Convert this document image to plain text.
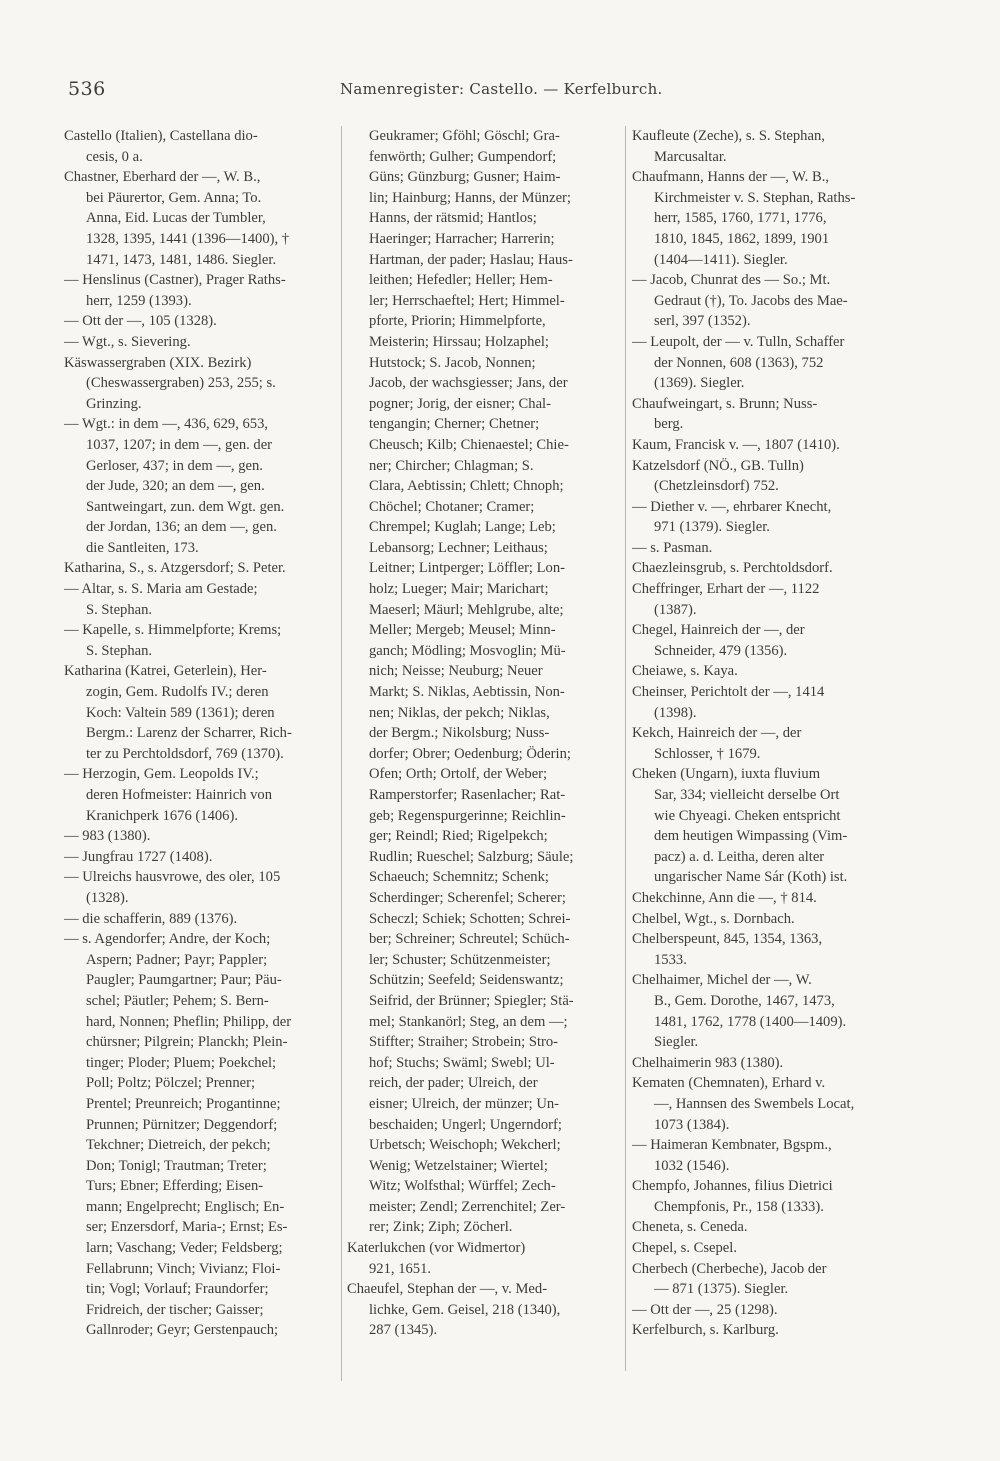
536	Namenregister: Castello. — Kerfelburch.
Castello (Italien), Castellana dio-
cesis, 0 a.
Chastner, Eberhard der —, W. B.,
bei Päurertor, Gem. Anna; To.
Anna, Eid. Lucas der Tumbler,
1328, 1395, 1441 (1396—1400), †
1471, 1473, 1481, 1486. Siegler.
— Henslinus (Castner), Prager Raths-
herr, 1259 (1393).
— Ott der —, 105 (1328).
— Wgt., s. Sievering.
Käswassergraben (XIX. Bezirk)
(Cheswassergraben) 253, 255; s.
Grinzing.
— Wgt.: in dem —, 436, 629, 653,
1037, 1207; in dem —, gen. der
Gerloser, 437; in dem —, gen.
der Jude, 320; an dem —, gen.
Santweingart, zun. dem Wgt. gen.
der Jordan, 136; an dem —, gen.
die Santleiten, 173.
Katharina, S., s. Atzgersdorf; S. Peter.
— Altar, s. S. Maria am Gestade;
S. Stephan.
— Kapelle, s. Himmelpforte; Krems;
S. Stephan.
Katharina (Katrei, Geterlein), Her-
zogin, Gem. Rudolfs IV.; deren
Koch: Valtein 589 (1361); deren
Bergm.: Larenz der Scharrer, Rich-
ter zu Perchtoldsdorf, 769 (1370).
— Herzogin, Gem. Leopolds IV.;
deren Hofmeister: Hainrich von
Kranichperk 1676 (1406).
— 983 (1380).
— Jungfrau 1727 (1408).
— Ulreichs hausvrowe, des oler, 105
(1328).
— die schafferin, 889 (1376).
— s. Agendorfer; Andre, der Koch;
Aspern; Padner; Payr; Pappler;
Paugler; Paumgartner; Paur; Päu-
schel; Päutler; Pehem; S. Bern-
hard, Nonnen; Pheflin; Philipp, der
chürsner; Pilgrein; Planckh; Plein-
tinger; Ploder; Pluem; Poekchel;
Poll; Poltz; Pölczel; Prenner;
Prentel; Preunreich; Progantinne;
Prunnen; Pürnitzer; Deggendorf;
Tekchner; Dietreich, der pekch;
Don; Tonigl; Trautman; Treter;
Turs; Ebner; Efferding; Eisen-
mann; Engelprecht; Englisch; En-
ser; Enzersdorf, Maria-; Ernst; Es-
larn; Vaschang; Veder; Feldsberg;
Fellabrunn; Vinch; Vivianz; Floi-
tin; Vogl; Vorlauf; Fraundorfer;
Fridreich, der tischer; Gaisser;
Gallnroder; Geyr; Gerstenpauch;
Geukramer; Gföhl; Göschl; Gra-
fenwörth; Gulher; Gumpendorf;
Güns; Günzburg; Gusner; Haim-
lin; Hainburg; Hanns, der Münzer;
Hanns, der rätsmid; Hantlos;
Haeringer; Harracher; Harrerin;
Hartman, der pader; Haslau; Haus-
leithen; Hefedler; Heller; Hem-
ler; Herrschaeftel; Hert; Himmel-
pforte, Priorin; Himmelpforte,
Meisterin; Hirssau; Holzaphel;
Hutstock; S. Jacob, Nonnen;
Jacob, der wachsgiesser; Jans, der
pogner; Jorig, der eisner; Chal-
tengangin; Cherner; Chetner;
Cheusch; Kilb; Chienaestel; Chie-
ner; Chircher; Chlagman; S.
Clara, Aebtissin; Chlett; Chnoph;
Chöchel; Chotaner; Cramer;
Chrempel; Kuglah; Lange; Leb;
Lebansorg; Lechner; Leithaus;
Leitner; Lintperger; Löffler; Lon-
holz; Lueger; Mair; Marichart;
Maeserl; Mäurl; Mehlgrube, alte;
Meller; Mergeb; Meusel; Minn-
ganch; Mödling; Mosvoglin; Mü-
nich; Neisse; Neuburg; Neuer
Markt; S. Niklas, Aebtissin, Non-
nen; Niklas, der pekch; Niklas,
der Bergm.; Nikolsburg; Nuss-
dorfer; Obrer; Oedenburg; Öderin;
Ofen; Orth; Ortolf, der Weber;
Ramperstorfer; Rasenlacher; Rat-
geb; Regenspurgerinne; Reichlin-
ger; Reindl; Ried; Rigelpekch;
Rudlin; Rueschel; Salzburg; Säule;
Schaeuch; Schemnitz; Schenk;
Scherdinger; Scherenfel; Scherer;
Scheczl; Schiek; Schotten; Schrei-
ber; Schreiner; Schreutel; Schüch-
ler; Schuster; Schützenmeister;
Schützin; Seefeld; Seidenswantz;
Seifrid, der Brünner; Spiegler; Stä-
mel; Stankanörl; Steg, an dem —;
Stiffter; Straiher; Strobein; Stro-
hof; Stuchs; Swäml; Swebl; Ul-
reich, der pader; Ulreich, der
eisner; Ulreich, der münzer; Un-
beschaiden; Ungerl; Ungerndorf;
Urbetsch; Weischoph; Wekcherl;
Wenig; Wetzelstainer; Wiertel;
Witz; Wolfsthal; Würffel; Zech-
meister; Zendl; Zerrenchitel; Zer-
rer; Zink; Ziph; Zöcherl.
Katerlukchen (vor Widmertor)
921, 1651.
Chaeufel, Stephan der —, v. Med-
lichke, Gem. Geisel, 218 (1340),
287 (1345).
Kaufleute (Zeche), s. S. Stephan,
Marcusaltar.
Chaufmann, Hanns der —, W. B.,
Kirchmeister v. S. Stephan, Raths-
herr, 1585, 1760, 1771, 1776,
1810, 1845, 1862, 1899, 1901
(1404—1411). Siegler.
— Jacob, Chunrat des — So.; Mt.
Gedraut (†), To. Jacobs des Mae-
serl, 397 (1352).
— Leupolt, der — v. Tulln, Schaffer
der Nonnen, 608 (1363), 752
(1369). Siegler.
Chaufweingart, s. Brunn; Nuss-
berg.
Kaum, Francisk v. —, 1807 (1410).
Katzelsdorf (NÖ., GB. Tulln)
(Chetzleinsdorf) 752.
— Diether v. —, ehrbarer Knecht,
971 (1379). Siegler.
— s. Pasman.
Chaezleinsgrub, s. Perchtoldsdorf.
Cheffringer, Erhart der —, 1122
(1387).
Chegel, Hainreich der —, der
Schneider, 479 (1356).
Cheiawe, s. Kaya.
Cheinser, Perichtolt der —, 1414
(1398).
Kekch, Hainreich der —, der
Schlosser, † 1679.
Cheken (Ungarn), iuxta fluvium
Sar, 334; vielleicht derselbe Ort
wie Chyeagi. Cheken entspricht
dem heutigen Wimpassing (Vim-
pacz) a. d. Leitha, deren alter
ungarischer Name Sár (Koth) ist.
Chekchinne, Ann die —, † 814.
Chelbel, Wgt., s. Dornbach.
Chelberspeunt, 845, 1354, 1363,
1533.
Chelhaimer, Michel der —, W.
B., Gem. Dorothe, 1467, 1473,
1481, 1762, 1778 (1400—1409).
Siegler.
Chelhaimerin 983 (1380).
Kematen (Chemnaten), Erhard v.
—, Hannsen des Swembels Locat,
1073 (1384).
— Haimeran Kembnater, Bgspm.,
1032 (1546).
Chempfo, Johannes, filius Dietrici
Chempfonis, Pr., 158 (1333).
Cheneta, s. Ceneda.
Chepel, s. Csepel.
Cherbech (Cherbeche), Jacob der
— 871 (1375). Siegler.
— Ott der —, 25 (1298).
Kerfelburch, s. Karlburg.
